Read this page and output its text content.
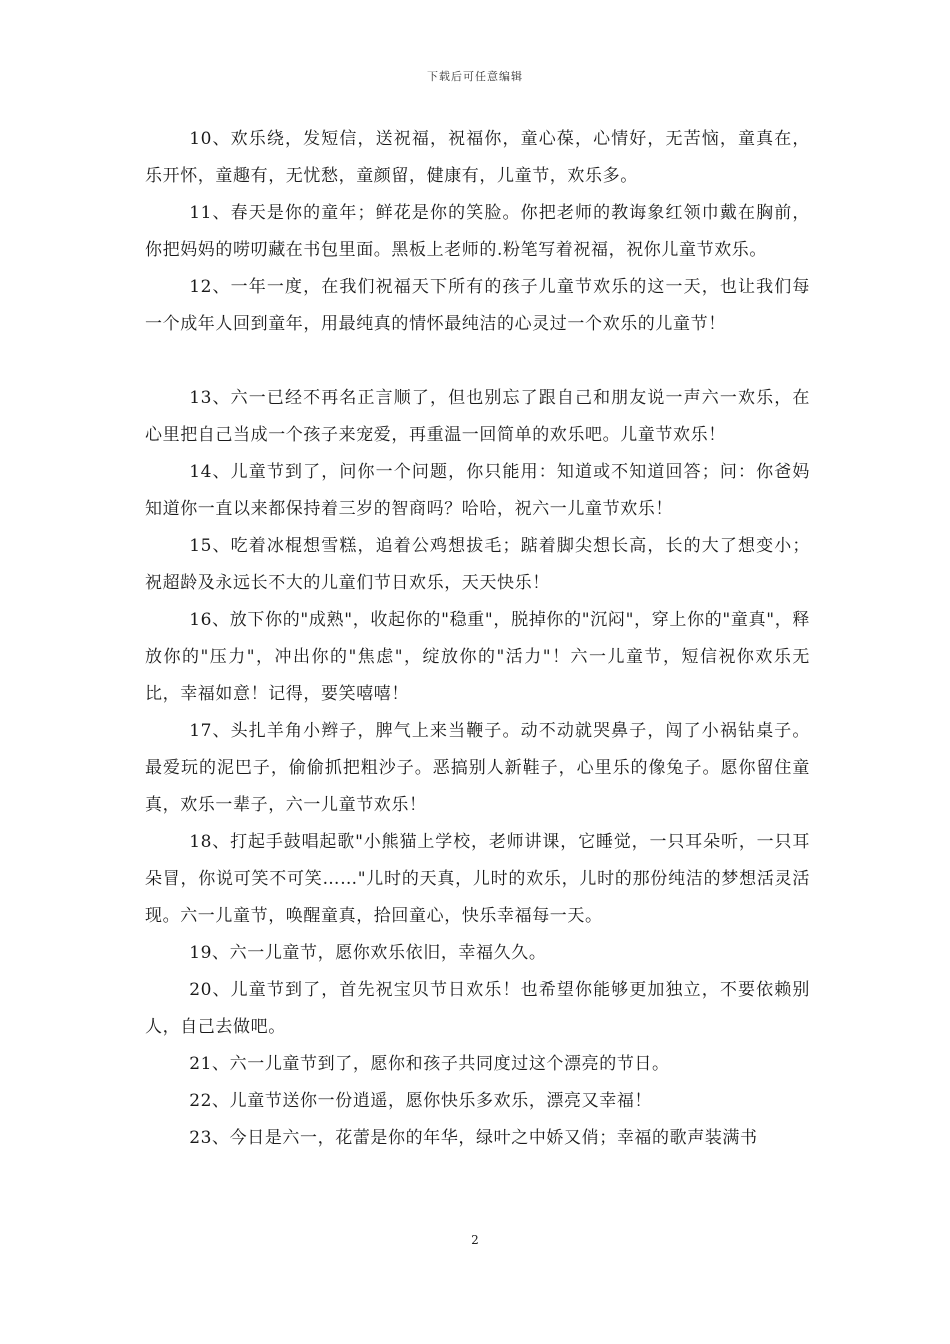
下载后可任意编辑

10、欢乐绕，发短信，送祝福，祝福你，童心葆，心情好，无苦恼，童真在，乐开怀，童趣有，无忧愁，童颜留，健康有，儿童节，欢乐多。

11、春天是你的童年；鲜花是你的笑脸。你把老师的教诲象红领巾戴在胸前，你把妈妈的唠叨藏在书包里面。黑板上老师的.粉笔写着祝福，祝你儿童节欢乐。

12、一年一度，在我们祝福天下所有的孩子儿童节欢乐的这一天，也让我们每一个成年人回到童年，用最纯真的情怀最纯洁的心灵过一个欢乐的儿童节！

13、六一已经不再名正言顺了，但也别忘了跟自己和朋友说一声六一欢乐，在心里把自己当成一个孩子来宠爱，再重温一回简单的欢乐吧。儿童节欢乐！

14、儿童节到了，问你一个问题，你只能用：知道或不知道回答；问：你爸妈知道你一直以来都保持着三岁的智商吗？哈哈，祝六一儿童节欢乐！

15、吃着冰棍想雪糕，追着公鸡想拔毛；踮着脚尖想长高，长的大了想变小；祝超龄及永远长不大的儿童们节日欢乐，天天快乐！

16、放下你的"成熟"，收起你的"稳重"，脱掉你的"沉闷"，穿上你的"童真"，释放你的"压力"，冲出你的"焦虑"，绽放你的"活力"！六一儿童节，短信祝你欢乐无比，幸福如意！记得，要笑嘻嘻！

17、头扎羊角小辫子，脾气上来当鞭子。动不动就哭鼻子，闯了小祸钻桌子。最爱玩的泥巴子，偷偷抓把粗沙子。恶搞别人新鞋子，心里乐的像兔子。愿你留住童真，欢乐一辈子，六一儿童节欢乐！

18、打起手鼓唱起歌"小熊猫上学校，老师讲课，它睡觉，一只耳朵听，一只耳朵冒，你说可笑不可笑……"儿时的天真，儿时的欢乐，儿时的那份纯洁的梦想活灵活现。六一儿童节，唤醒童真，拾回童心，快乐幸福每一天。

19、六一儿童节，愿你欢乐依旧，幸福久久。

20、儿童节到了，首先祝宝贝节日欢乐！也希望你能够更加独立，不要依赖别人，自己去做吧。

21、六一儿童节到了，愿你和孩子共同度过这个漂亮的节日。

22、儿童节送你一份逍遥，愿你快乐多欢乐，漂亮又幸福！

23、今日是六一，花蕾是你的年华，绿叶之中娇又俏；幸福的歌声装满书

2
